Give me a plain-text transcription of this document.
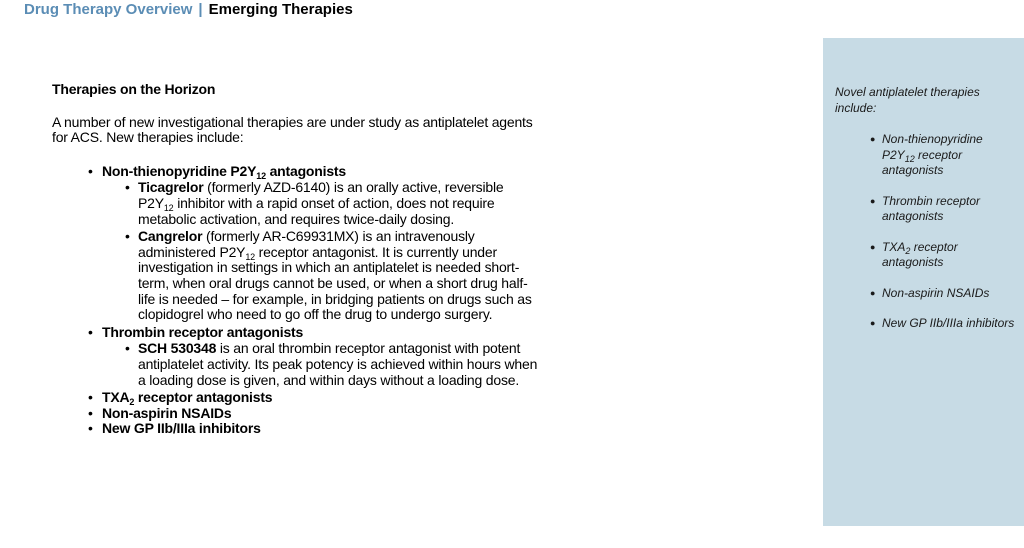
Drug Therapy Overview | Emerging Therapies
Therapies on the Horizon

A number of new investigational therapies are under study as antiplatelet agents for ACS. New therapies include:

• Non-thienopyridine $P2Y_{12}$ antagonists
• Ticagrelor (formerly AZD-6140) is an orally active, reversible $P2Y_{12}$ inhibitor with a rapid onset of action, does not require metabolic activation, and requires twice-daily dosing.
• Cangrelor (formerly AR-C69931MX) is an intravenously administered $P2Y_{12}$ receptor antagonist. It is currently under investigation in settings in which an antiplatelet is needed short-term, when oral drugs cannot be used, or when a short drug half-life is needed – for example, in bridging patients on drugs such as clopidogrel who need to go off the drug to undergo surgery.
• Thrombin receptor antagonists
• SCH 530348 is an oral thrombin receptor antagonist with potent antiplatelet activity. Its peak potency is achieved within hours when a loading dose is given, and within days without a loading dose.
• $TXA_2$ receptor antagonists
• Non-aspirin NSAIDs
• New GP IIb/IIIa inhibitors
Novel antiplatelet therapies include:
● Non-thienopyridine $P2Y_{12}$ receptor antagonists
● Thrombin receptor antagonists
● $TXA_2$ receptor antagonists
● Non-aspirin NSAIDs
● New GP IIb/IIIa inhibitors
